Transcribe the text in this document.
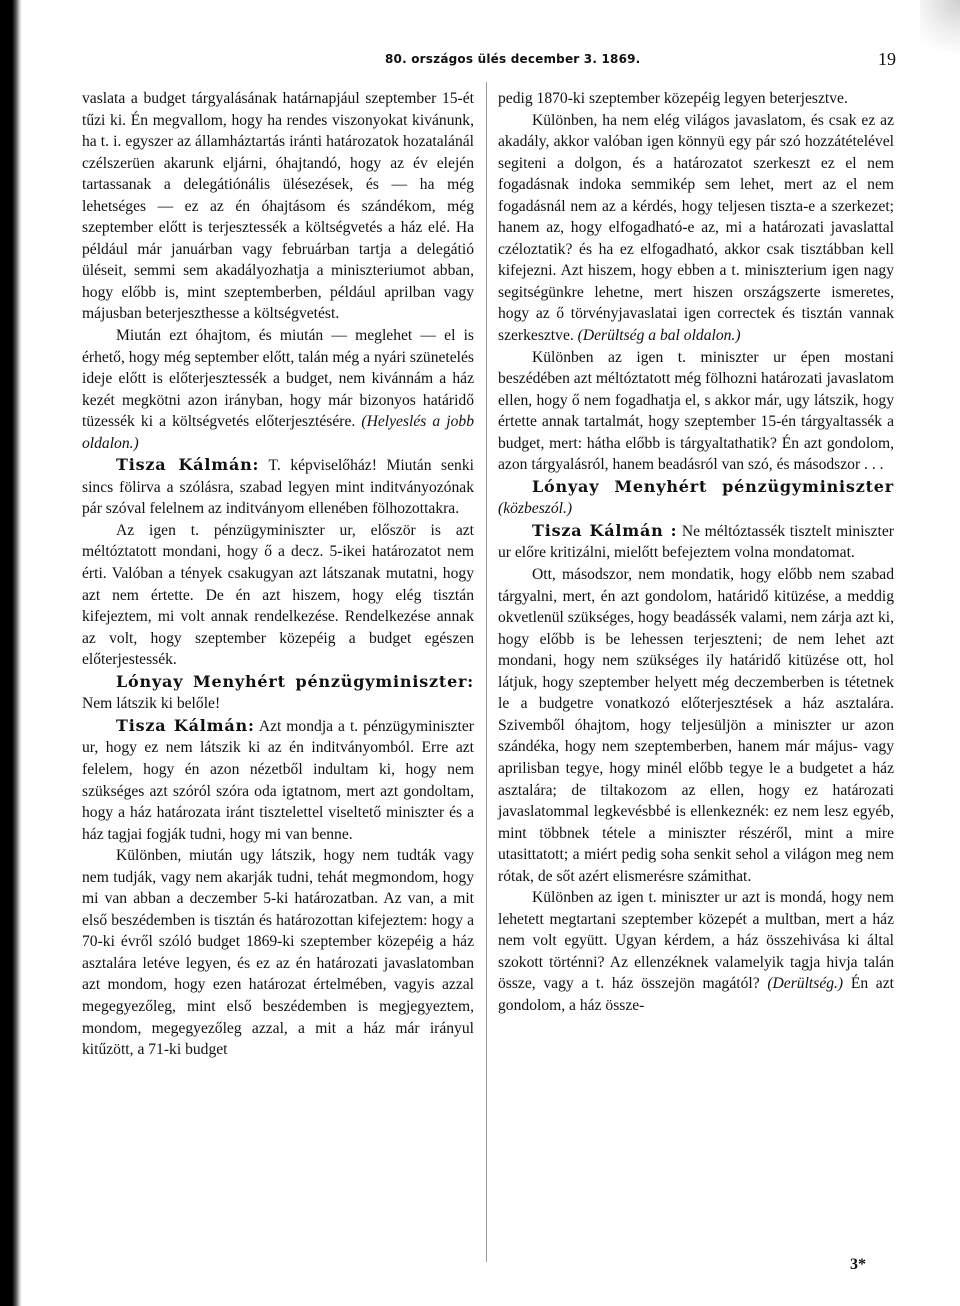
80. országos ülés december 3. 1869.	19

vaslata a budget tárgyalásának határnapjául szeptember 15-ét tűzi ki. Én megvallom, hogy ha rendes viszonyokat kivánunk, ha t. i. egyszer az államháztartás iránti határozatok hozatalánál czélszerüen akarunk eljárni, óhajtandó, hogy az év elején tartassanak a delegátiónális ülésezések, és — ha még lehetséges — ez az én óhajtásom és szándékom, még szeptember előtt is terjesztessék a költségvetés a ház elé. Ha például már januárban vagy februárban tartja a delegátió üléseit, semmi sem akadályozhatja a miniszteriumot abban, hogy előbb is, mint szeptemberben, például aprilban vagy májusban beterjeszthesse a költségvetést.

Miután ezt óhajtom, és miután — meglehet — el is érhető, hogy még september előtt, talán még a nyári szünetelés ideje előtt is előterjesztessék a budget, nem kivánnám a ház kezét megkötni azon irányban, hogy már bizonyos határidő tüzessék ki a költségvetés előterjesztésére. (Helyeslés a jobb oldalon.)

Tisza Kálmán: T. képviselőház! Miután senki sincs fölirva a szólásra, szabad legyen mint inditványozónak pár szóval felelnem az inditványom ellenében fölhozottakra.

Az igen t. pénzügyminiszter ur, először is azt méltóztatott mondani, hogy ő a decz. 5-ikei határozatot nem érti. Valóban a tények csakugyan azt látszanak mutatni, hogy azt nem értette. De én azt hiszem, hogy elég tisztán kifejeztem, mi volt annak rendelkezése. Rendelkezése annak az volt, hogy szeptember közepéig a budget egészen előterjestessék.

Lónyay Menyhért pénzügyminiszter: Nem látszik ki belőle!

Tisza Kálmán: Azt mondja a t. pénzügyminiszter ur, hogy ez nem látszik ki az én inditványomból. Erre azt felelem, hogy én azon nézetből indultam ki, hogy nem szükséges azt szóról szóra oda igtatnom, mert azt gondoltam, hogy a ház határozata iránt tisztelettel viseltető miniszter és a ház tagjai fogják tudni, hogy mi van benne.

Különben, miután ugy látszik, hogy nem tudták vagy nem tudják, vagy nem akarják tudni, tehát megmondom, hogy mi van abban a deczember 5-ki határozatban. Az van, a mit első beszédemben is tisztán és határozottan kifejeztem: hogy a 70-ki évről szóló budget 1869-ki szeptember közepéig a ház asztalára letéve legyen, és ez az én határozati javaslatomban azt mondom, hogy ezen határozat értelmében, vagyis azzal megegyezőleg, mint első beszédemben is megjegyeztem, mondom, megegyezőleg azzal, a mit a ház már irányul kitűzött, a 71-ki budget

pedig 1870-ki szeptember közepéig legyen beterjesztve.

Különben, ha nem elég világos javaslatom, és csak ez az akadály, akkor valóban igen könnyü egy pár szó hozzátételével segiteni a dolgon, és a határozatot szerkeszt ez el nem fogadásnak indoka semmikép sem lehet, mert az el nem fogadásnál nem az a kérdés, hogy teljesen tiszta-e a szerkezet; hanem az, hogy elfogadható-e az, mi a határozati javaslattal czéloztatik? és ha ez elfogadható, akkor csak tisztábban kell kifejezni. Azt hiszem, hogy ebben a t. miniszterium igen nagy segitségünkre lehetne, mert hiszen országszerte ismeretes, hogy az ő törvényjavaslatai igen correctek és tisztán vannak szerkesztve. (Derültség a bal oldalon.)

Különben az igen t. miniszter ur épen mostani beszédében azt méltóztatott még fölhozni határozati javaslatom ellen, hogy ő nem fogadhatja el, s akkor már, ugy látszik, hogy értette annak tartalmát, hogy szeptember 15-én tárgyaltassék a budget, mert: hátha előbb is tárgyaltathatik? Én azt gondolom, azon tárgyalásról, hanem beadásról van szó, és másodszor . . .

Lónyay Menyhért pénzügyminiszter (közbeszól.)

Tisza Kálmán : Ne méltóztassék tisztelt miniszter ur előre kritizálni, mielőtt befejeztem volna mondatomat.

Ott, másodszor, nem mondatik, hogy előbb nem szabad tárgyalni, mert, én azt gondolom, határidő kitüzése, a meddig okvetlenül szükséges, hogy beadássék valami, nem zárja azt ki, hogy előbb is be lehessen terjeszteni; de nem lehet azt mondani, hogy nem szükséges ily határidő kitüzése ott, hol látjuk, hogy szeptember helyett még deczemberben is tétetnek le a budgetre vonatkozó előterjesztések a ház asztalára. Szivemből óhajtom, hogy teljesüljön a miniszter ur azon szándéka, hogy nem szeptemberben, hanem már május- vagy aprilisban tegye, hogy minél előbb tegye le a budgetet a ház asztalára; de tiltakozom az ellen, hogy ez határozati javaslatommal legkevésbbé is ellenkeznék: ez nem lesz egyéb, mint többnek tétele a miniszter részéről, mint a mire utasittatott; a miért pedig soha senkit sehol a világon meg nem rótak, de sőt azért elismerésre számithat.

Különben az igen t. miniszter ur azt is mondá, hogy nem lehetett megtartani szeptember közepét a multban, mert a ház nem volt együtt. Ugyan kérdem, a ház összehivása ki által szokott történni? Az ellenzéknek valamelyik tagja hivja talán össze, vagy a t. ház összejön magától? (Derültség.) Én azt gondolom, a ház össze-

3*
